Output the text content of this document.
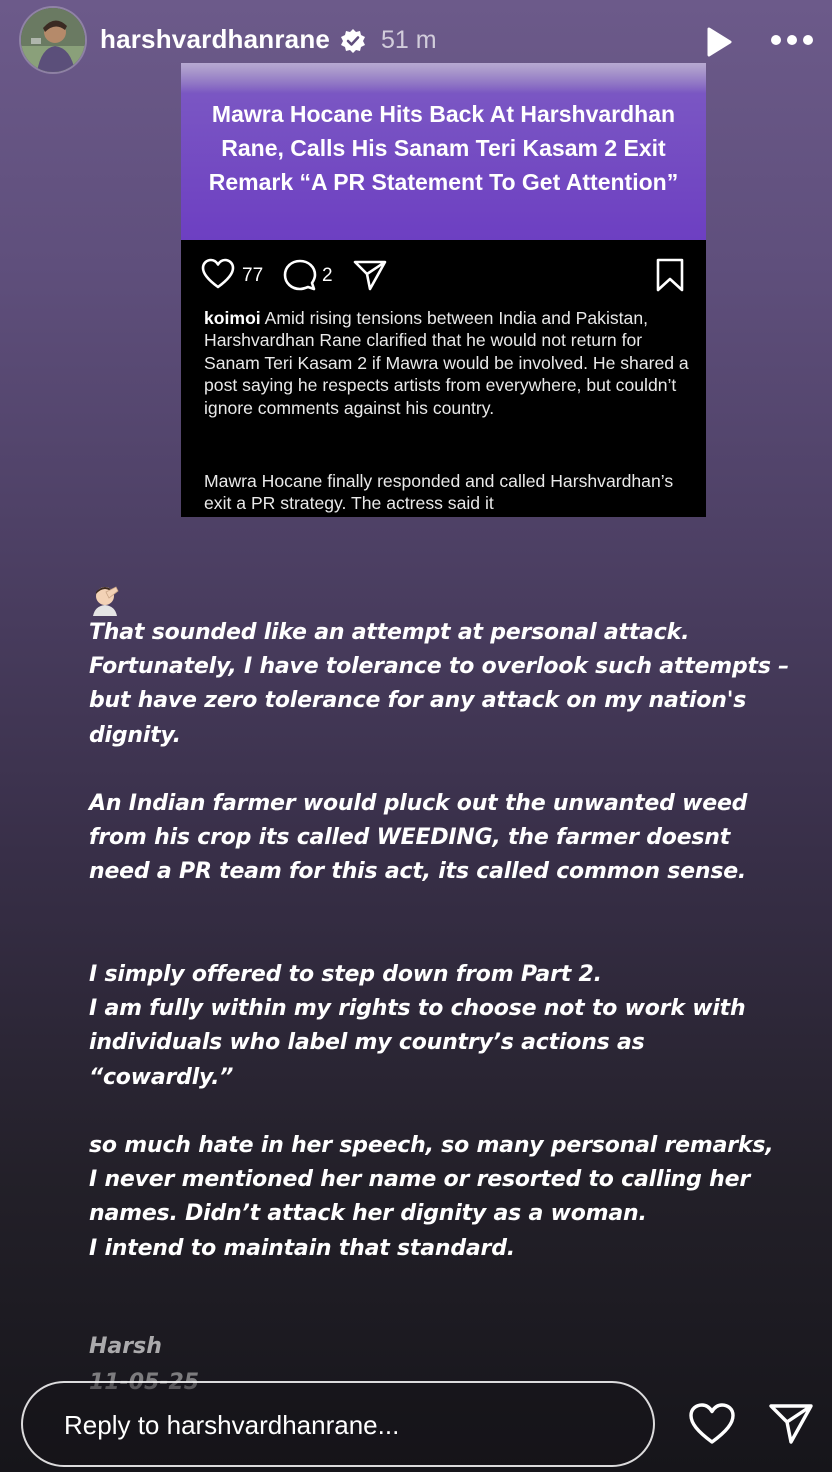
harshvardhanrane 51 m
Mawra Hocane Hits Back At Harshvardhan Rane, Calls His Sanam Teri Kasam 2 Exit Remark “A PR Statement To Get Attention”
77	2
koimoi Amid rising tensions between India and Pakistan, Harshvardhan Rane clarified that he would not return for Sanam Teri Kasam 2 if Mawra would be involved. He shared a post saying he respects artists from everywhere, but couldn’t ignore comments against his country.
Mawra Hocane finally responded and called Harshvardhan’s exit a PR strategy. The actress said it
That sounded like an attempt at personal attack. Fortunately, I have tolerance to overlook such attempts – but have zero tolerance for any attack on my nation's dignity.
An Indian farmer would pluck out the unwanted weed from his crop its called WEEDING, the farmer doesnt need a PR team for this act, its called common sense.
I simply offered to step down from Part 2.
I am fully within my rights to choose not to work with individuals who label my country’s actions as “cowardly.”
so much hate in her speech, so many personal remarks,
I never mentioned her name or resorted to calling her names. Didn’t attack her dignity as a woman.
I intend to maintain that standard.
Harsh
11-05-25
Reply to harshvardhanrane...
